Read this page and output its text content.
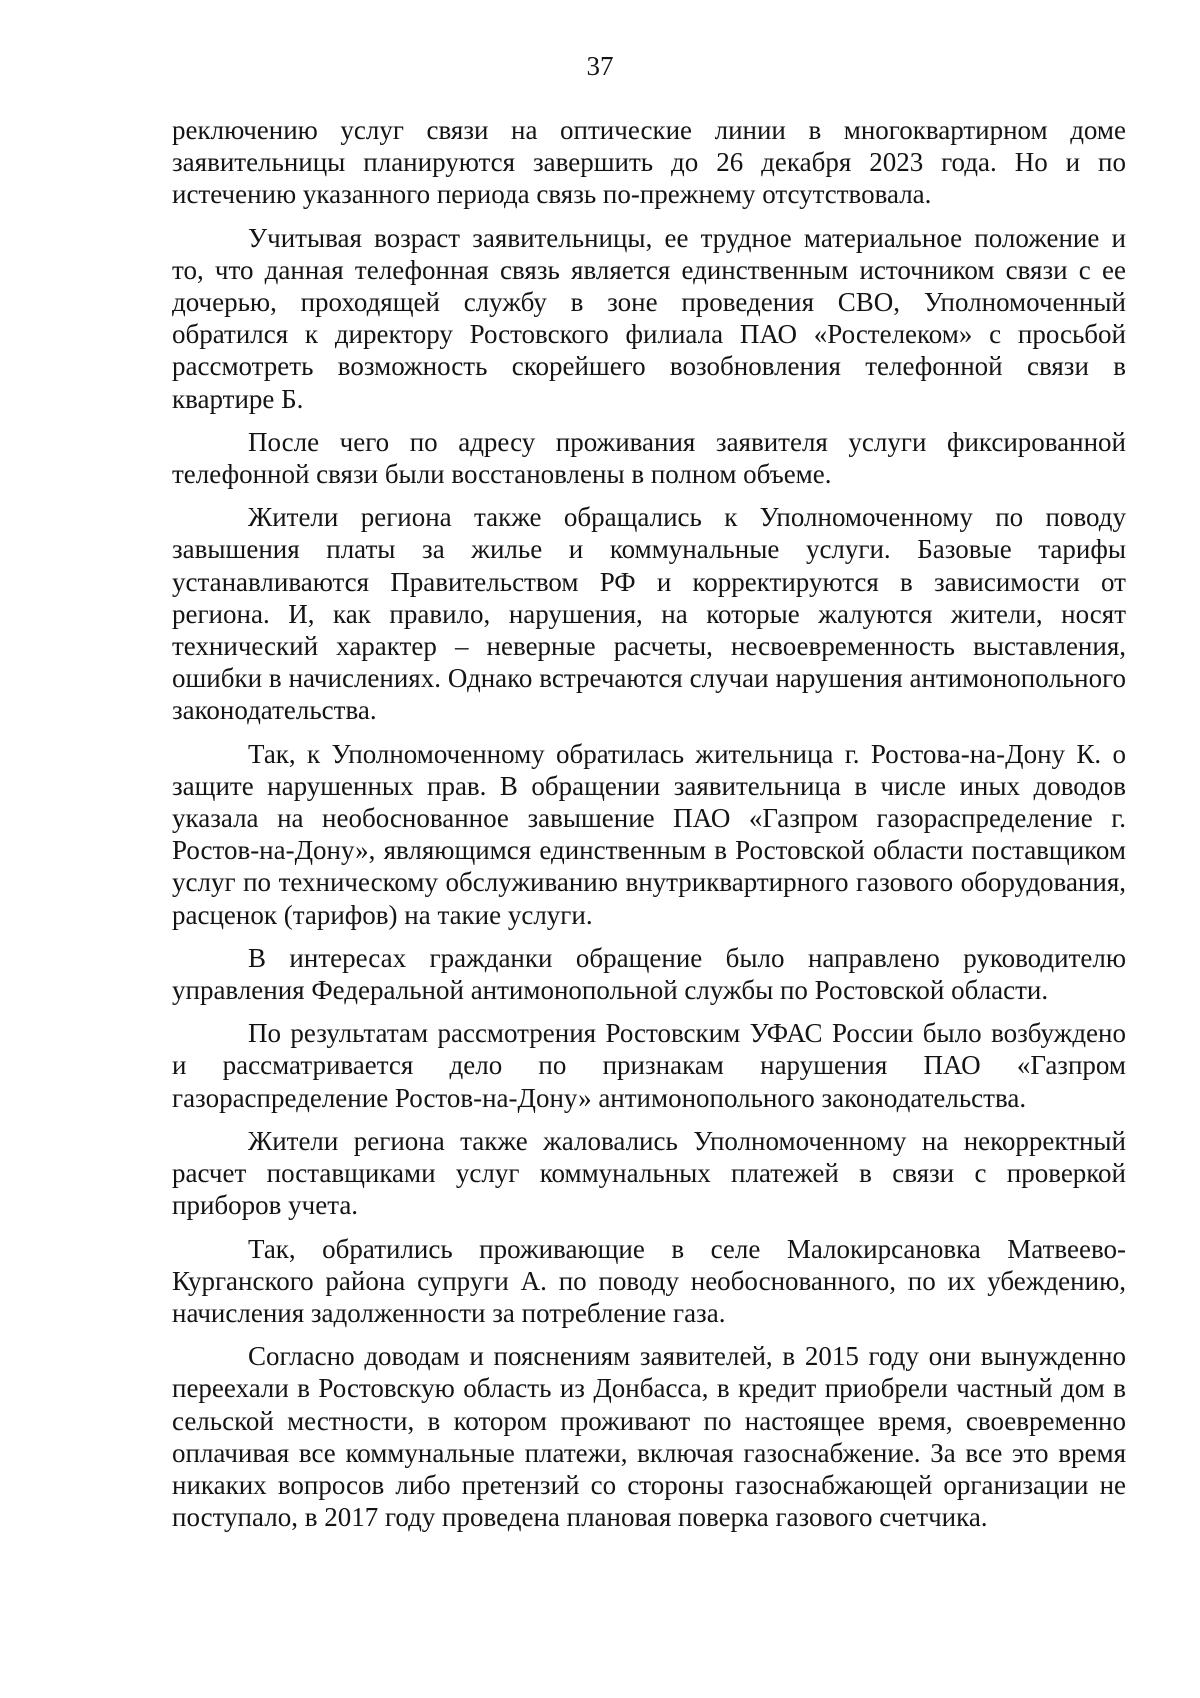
37

реключению услуг связи на оптические линии в многоквартирном доме заявительницы планируются завершить до 26 декабря 2023 года. Но и по истечению указанного периода связь по-прежнему отсутствовала.

Учитывая возраст заявительницы, ее трудное материальное положение и то, что данная телефонная связь является единственным источником связи с ее дочерью, проходящей службу в зоне проведения СВО, Уполномоченный обратился к директору Ростовского филиала ПАО «Ростелеком» с просьбой рассмотреть возможность скорейшего возобновления телефонной связи в квартире Б.

После чего по адресу проживания заявителя услуги фиксированной телефонной связи были восстановлены в полном объеме.

Жители региона также обращались к Уполномоченному по поводу завышения платы за жилье и коммунальные услуги. Базовые тарифы устанавливаются Правительством РФ и корректируются в зависимости от региона. И, как правило, нарушения, на которые жалуются жители, носят технический характер – неверные расчеты, несвоевременность выставления, ошибки в начислениях. Однако встречаются случаи нарушения антимонопольного законодательства.

Так, к Уполномоченному обратилась жительница г. Ростова-на-Дону К. о защите нарушенных прав. В обращении заявительница в числе иных доводов указала на необоснованное завышение ПАО «Газпром газораспределение г. Ростов-на-Дону», являющимся единственным в Ростовской области поставщиком услуг по техническому обслуживанию внутриквартирного газового оборудования, расценок (тарифов) на такие услуги.

В интересах гражданки обращение было направлено руководителю управления Федеральной антимонопольной службы по Ростовской области.

По результатам рассмотрения Ростовским УФАС России было возбуждено и рассматривается дело по признакам нарушения ПАО «Газпром газораспределение Ростов-на-Дону» антимонопольного законодательства.

Жители региона также жаловались Уполномоченному на некорректный расчет поставщиками услуг коммунальных платежей в связи с проверкой приборов учета.

Так, обратились проживающие в селе Малокирсановка Матвеево-Курганского района супруги А. по поводу необоснованного, по их убеждению, начисления задолженности за потребление газа.

Согласно доводам и пояснениям заявителей, в 2015 году они вынужденно переехали в Ростовскую область из Донбасса, в кредит приобрели частный дом в сельской местности, в котором проживают по настоящее время, своевременно оплачивая все коммунальные платежи, включая газоснабжение. За все это время никаких вопросов либо претензий со стороны газоснабжающей организации не поступало, в 2017 году проведена плановая поверка газового счетчика.
